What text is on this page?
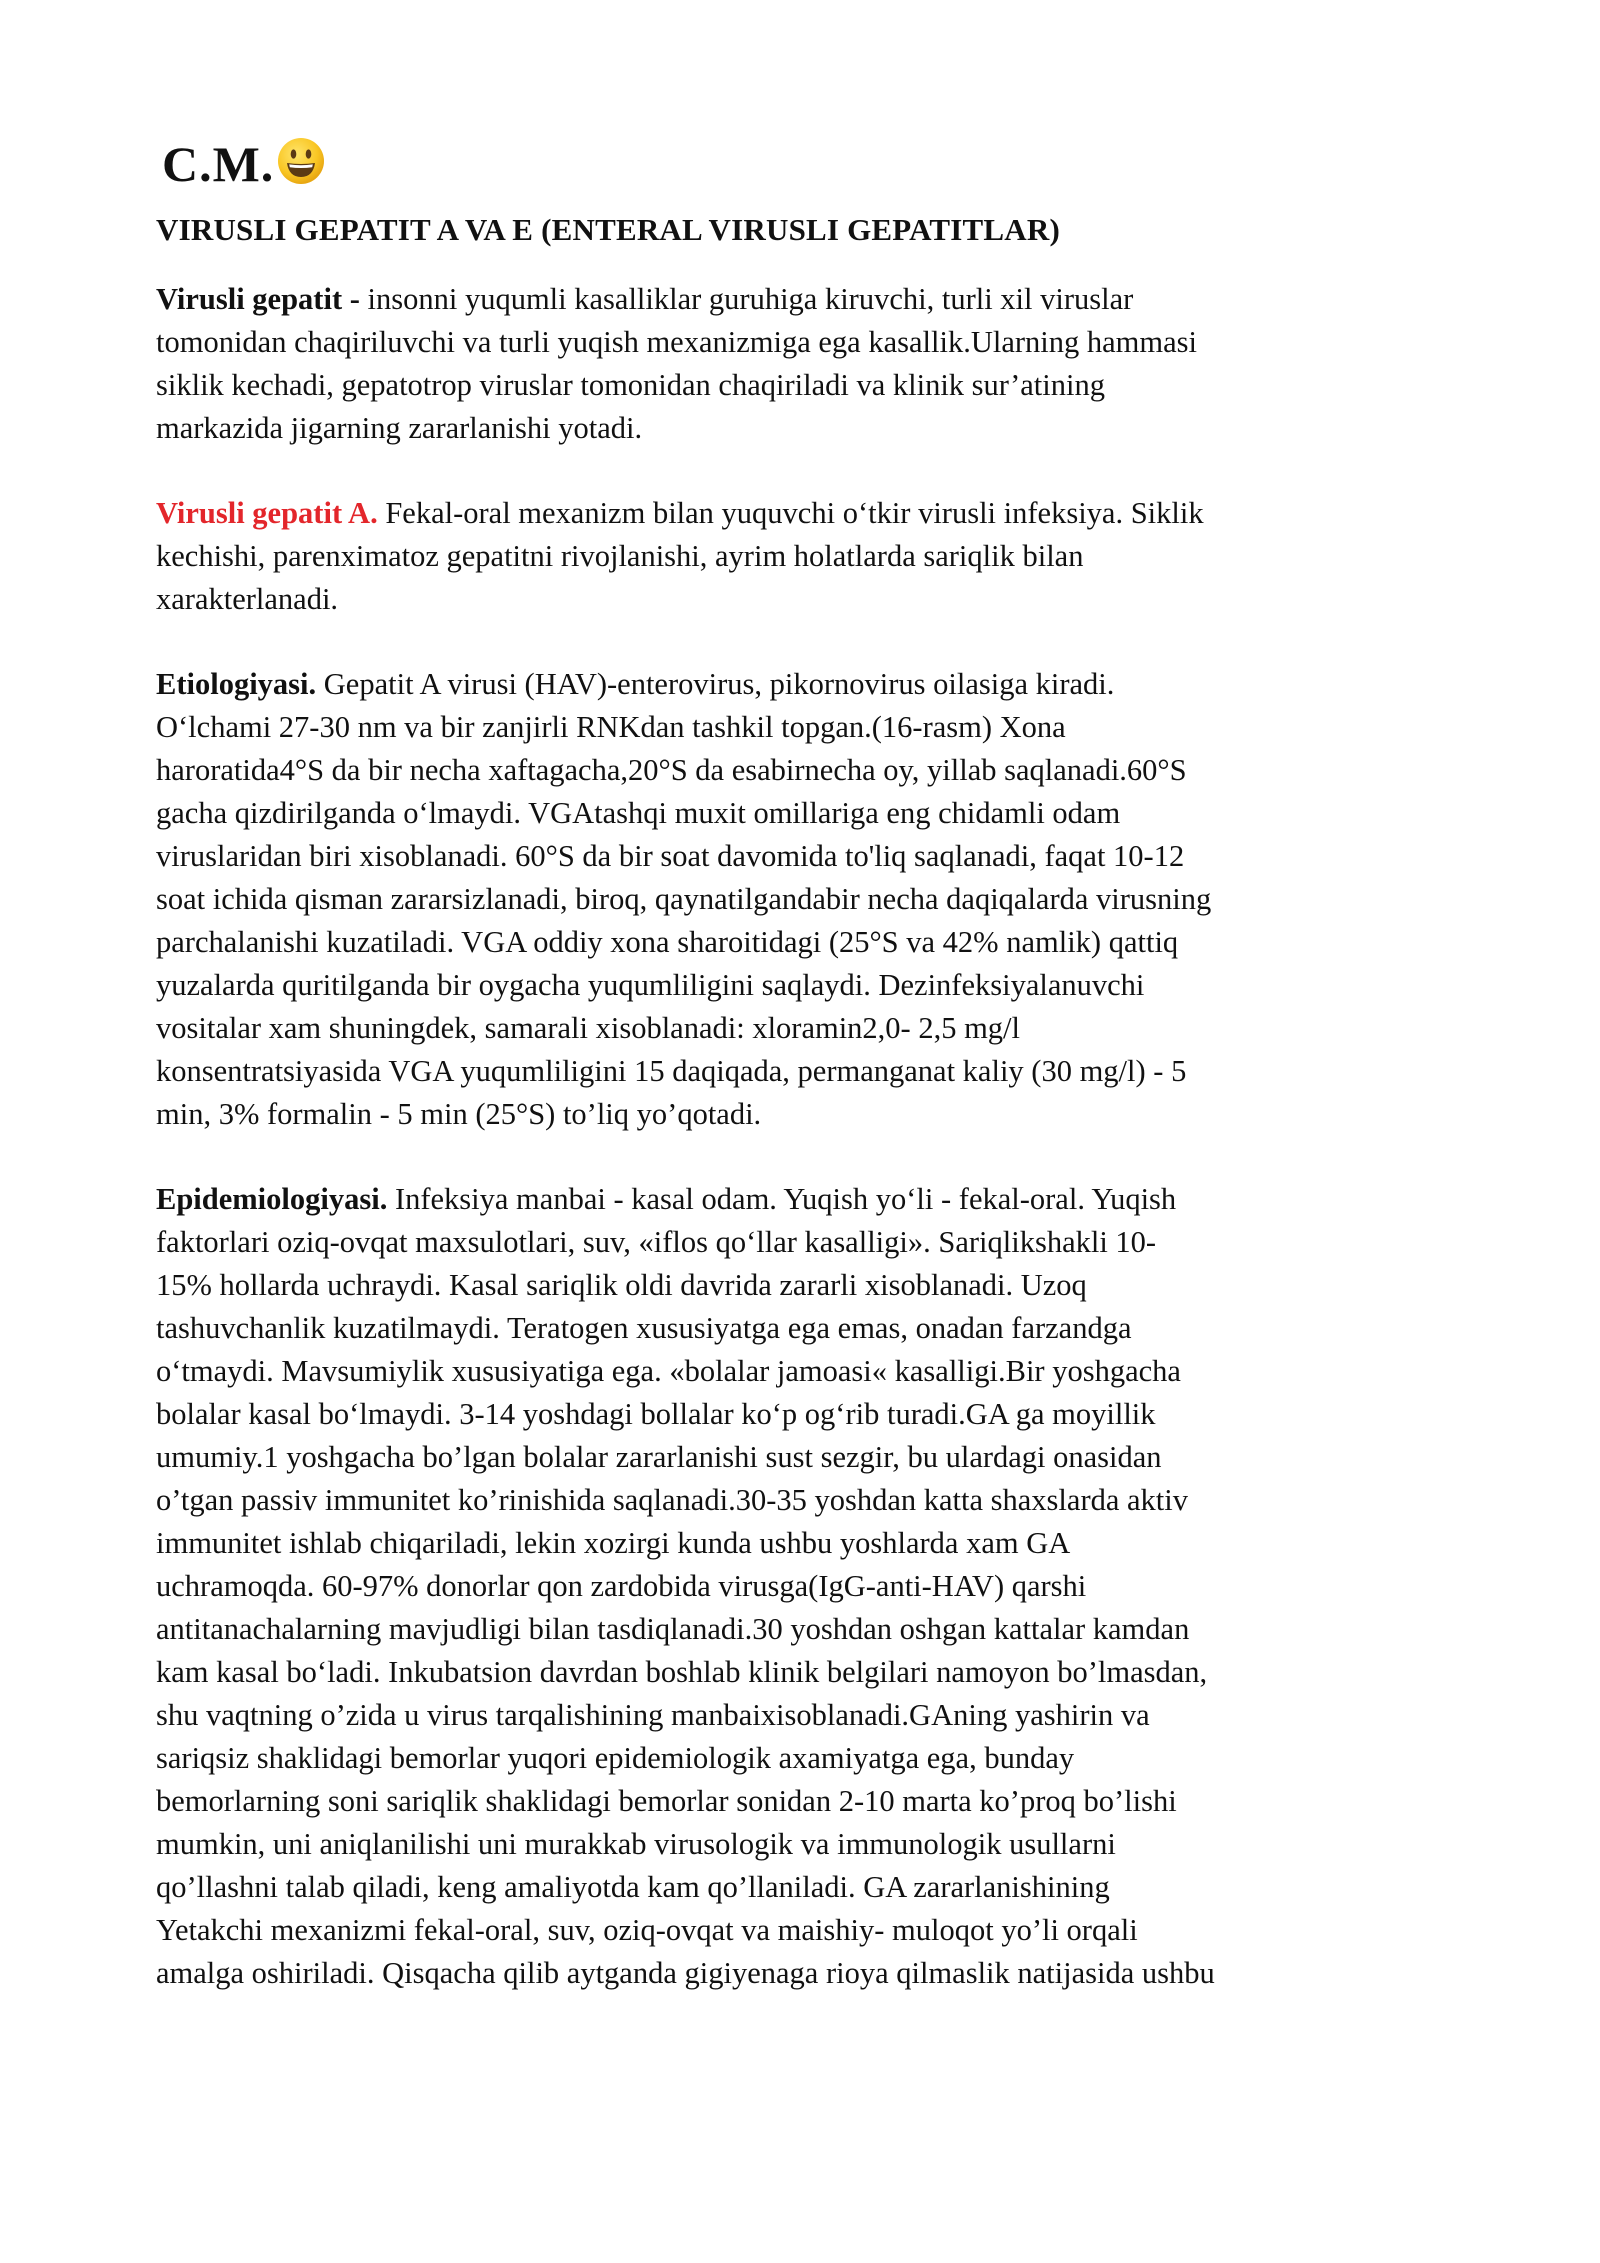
C.M.
VIRUSLI GEPATIT A VA E (ENTERAL VIRUSLI GEPATITLAR)

Virusli gepatit - insonni yuqumli kasalliklar guruhiga kiruvchi, turli xil viruslar
tomonidan chaqiriluvchi va turli yuqish mexanizmiga ega kasallik.Ularning hammasi
siklik kechadi, gepatotrop viruslar tomonidan chaqiriladi va klinik sur’atining
markazida jigarning zararlanishi yotadi.

Virusli gepatit A. Fekal-oral mexanizm bilan yuquvchi o‘tkir virusli infeksiya. Siklik
kechishi, parenximatoz gepatitni rivojlanishi, ayrim holatlarda sariqlik bilan
xarakterlanadi.

Etiologiyasi. Gepatit A virusi (HAV)-enterovirus, pikornovirus oilasiga kiradi.
O‘lchami 27-30 nm va bir zanjirli RNKdan tashkil topgan.(16-rasm) Xona
haroratida4°S da bir necha xaftagacha,20°S da esabirnecha oy, yillab saqlanadi.60°S
gacha qizdirilganda o‘lmaydi. VGAtashqi muxit omillariga eng chidamli odam
viruslaridan biri xisoblanadi. 60°S da bir soat davomida to'liq saqlanadi, faqat 10-12
soat ichida qisman zararsizlanadi, biroq, qaynatilgandabir necha daqiqalarda virusning
parchalanishi kuzatiladi. VGA oddiy xona sharoitidagi (25°S va 42% namlik) qattiq
yuzalarda quritilganda bir oygacha yuqumliligini saqlaydi. Dezinfeksiyalanuvchi
vositalar xam shuningdek, samarali xisoblanadi: xloramin2,0- 2,5 mg/l
konsentratsiyasida VGA yuqumliligini 15 daqiqada, permanganat kaliy (30 mg/l) - 5
min, 3% formalin - 5 min (25°S) to’liq yo’qotadi.

Epidemiologiyasi. Infeksiya manbai - kasal odam. Yuqish yo‘li - fekal-oral. Yuqish
faktorlari oziq-ovqat maxsulotlari, suv, «iflos qo‘llar kasalligi». Sariqlikshakli 10-
15% hollarda uchraydi. Kasal sariqlik oldi davrida zararli xisoblanadi. Uzoq
tashuvchanlik kuzatilmaydi. Teratogen xususiyatga ega emas, onadan farzandga
o‘tmaydi. Mavsumiylik xususiyatiga ega. «bolalar jamoasi« kasalligi.Bir yoshgacha
bolalar kasal bo‘lmaydi. 3-14 yoshdagi bollalar ko‘p og‘rib turadi.GA ga moyillik
umumiy.1 yoshgacha bo’lgan bolalar zararlanishi sust sezgir, bu ulardagi onasidan
o’tgan passiv immunitet ko’rinishida saqlanadi.30-35 yoshdan katta shaxslarda aktiv
immunitet ishlab chiqariladi, lekin xozirgi kunda ushbu yoshlarda xam GA
uchramoqda. 60-97% donorlar qon zardobida virusga(IgG-anti-HAV) qarshi
antitanachalarning mavjudligi bilan tasdiqlanadi.30 yoshdan oshgan kattalar kamdan
kam kasal bo‘ladi. Inkubatsion davrdan boshlab klinik belgilari namoyon bo’lmasdan,
shu vaqtning o’zida u virus tarqalishining manbaixisoblanadi.GAning yashirin va
sariqsiz shaklidagi bemorlar yuqori epidemiologik axamiyatga ega, bunday
bemorlarning soni sariqlik shaklidagi bemorlar sonidan 2-10 marta ko’proq bo’lishi
mumkin, uni aniqlanilishi uni murakkab virusologik va immunologik usullarni
qo’llashni talab qiladi, keng amaliyotda kam qo’llaniladi. GA zararlanishining
Yetakchi mexanizmi fekal-oral, suv, oziq-ovqat va maishiy- muloqot yo’li orqali
amalga oshiriladi. Qisqacha qilib aytganda gigiyenaga rioya qilmaslik natijasida ushbu
